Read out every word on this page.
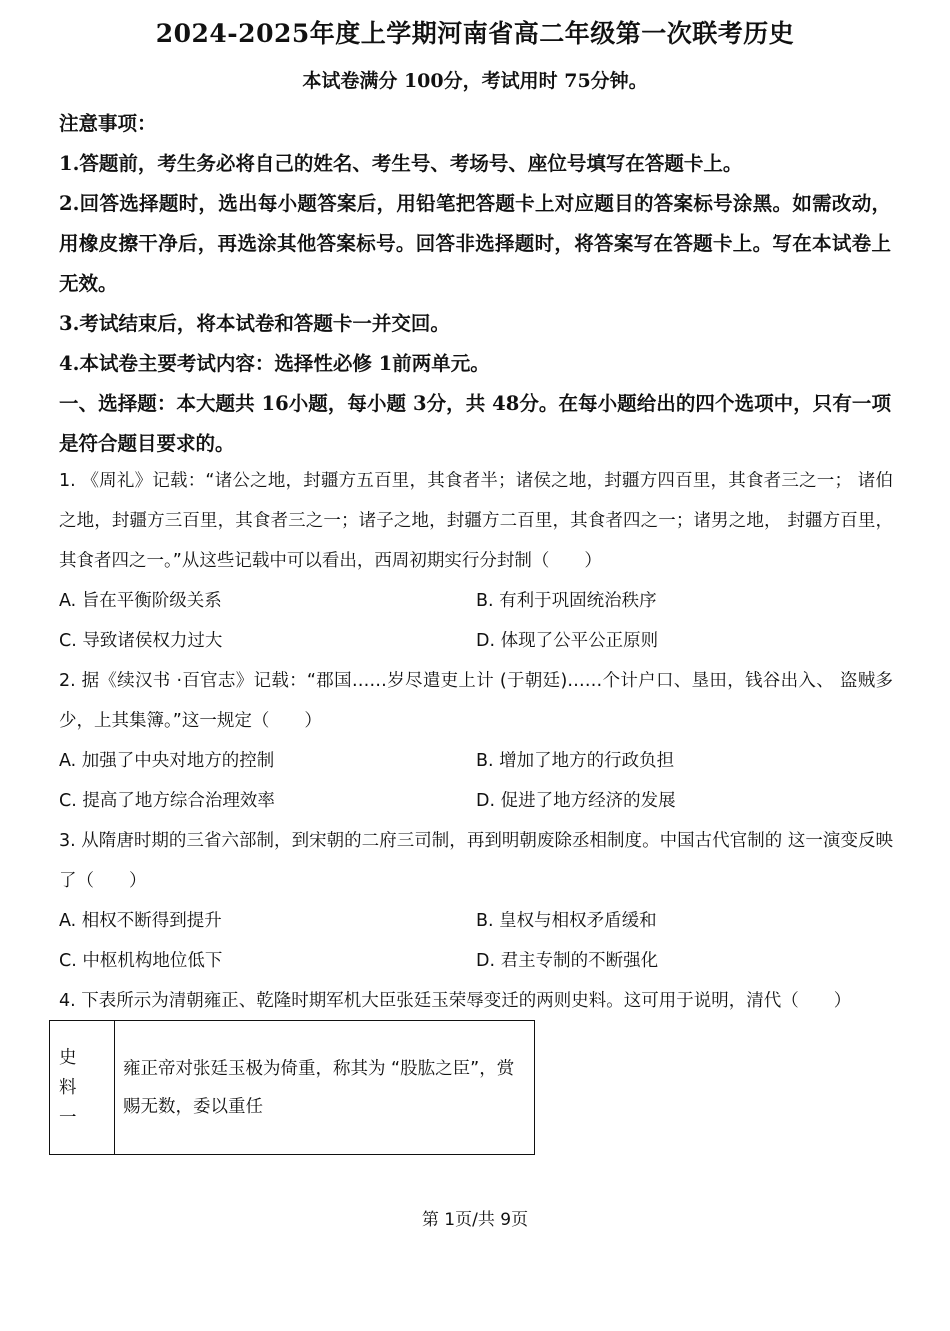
2024-2025年度上学期河南省高二年级第一次联考历史
本试卷满分 100分，考试用时 75分钟。

注意事项：

1.答题前，考生务必将自己的姓名、考生号、考场号、座位号填写在答题卡上。

2.回答选择题时，选出每小题答案后，用铅笔把答题卡上对应题目的答案标号涂黑。如需改动，用橡皮擦干净后，再选涂其他答案标号。回答非选择题时，将答案写在答题卡上。写在本试卷上无效。

3.考试结束后，将本试卷和答题卡一并交回。

4.本试卷主要考试内容：选择性必修 1前两单元。

一、选择题：本大题共 16小题，每小题 3分，共 48分。在每小题给出的四个选项中，只有一项是符合题目要求的。

1. 《周礼》记载：“诸公之地，封疆方五百里，其食者半；诸侯之地，封疆方四百里，其食者三之一； 诸伯之地，封疆方三百里，其食者三之一；诸子之地，封疆方二百里，其食者四之一；诸男之地， 封疆方百里，其食者四之一。”从这些记载中可以看出，西周初期实行分封制（　　）

A. 旨在平衡阶级关系	B. 有利于巩固统治秩序
C. 导致诸侯权力过大	D. 体现了公平公正原则

2. 据《续汉书 ·百官志》记载：“郡国……岁尽遣吏上计 (于朝廷)……个计户口、垦田，钱谷出入、 盗贼多少，上其集簿。”这一规定（　　）

A. 加强了中央对地方的控制	B. 增加了地方的行政负担
C. 提高了地方综合治理效率	D. 促进了地方经济的发展

3. 从隋唐时期的三省六部制，到宋朝的二府三司制，再到明朝废除丞相制度。中国古代官制的 这一演变反映了（　　）

A. 相权不断得到提升	B. 皇权与相权矛盾缓和
C. 中枢机构地位低下	D. 君主专制的不断强化

4. 下表所示为清朝雍正、乾隆时期军机大臣张廷玉荣辱变迁的两则史料。这可用于说明，清代（　　）

史
料
一
	雍正帝对张廷玉极为倚重，称其为 “股肱之臣”，赏赐无数，委以重任
第 1页/共 9页
